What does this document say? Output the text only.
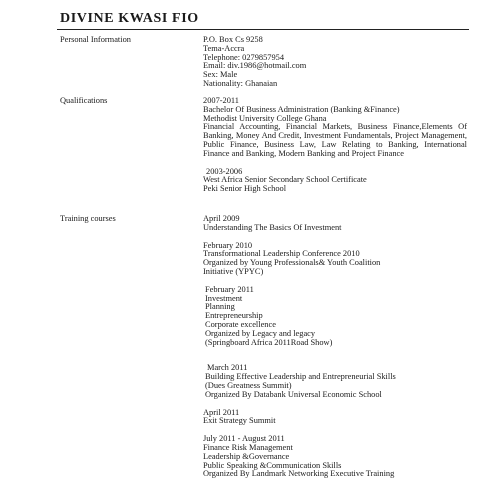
DIVINE KWASI FIO
Personal Information	P.O. Box Cs 9258

Tema-Accra

Telephone: 0279857954

Email: div.1986@hotmail.com

Sex: Male

Nationality: Ghanaian

Qualifications	2007-2011

Bachelor Of Business Administration (Banking &Finance)

Methodist University College Ghana

Financial Accounting, Financial Markets, Business Finance,Elements Of Banking, Money And Credit, Investment Fundamentals, Project Management, Public Finance, Business Law, Law Relating to Banking, International Finance and Banking, Modern Banking and Project Finance

2003-2006

West Africa Senior Secondary School Certificate

Peki Senior High School

Training courses	April 2009

Understanding The Basics Of Investment

February 2010

Transformational Leadership Conference 2010

Organized by Young Professionals& Youth Coalition

Initiative (YPYC)

February 2011

Investment

Planning

Entrepreneurship

Corporate excellence

Organized by Legacy and legacy

(Springboard Africa 2011Road Show)

March 2011

Building Effective Leadership and Entrepreneurial Skills

(Dues Greatness Summit)

Organized By Databank Universal Economic School

April 2011

Exit Strategy Summit

July 2011 - August 2011

Finance Risk Management

Leadership &Governance

Public Speaking &Communication Skills

Organized By Landmark Networking Executive Training
